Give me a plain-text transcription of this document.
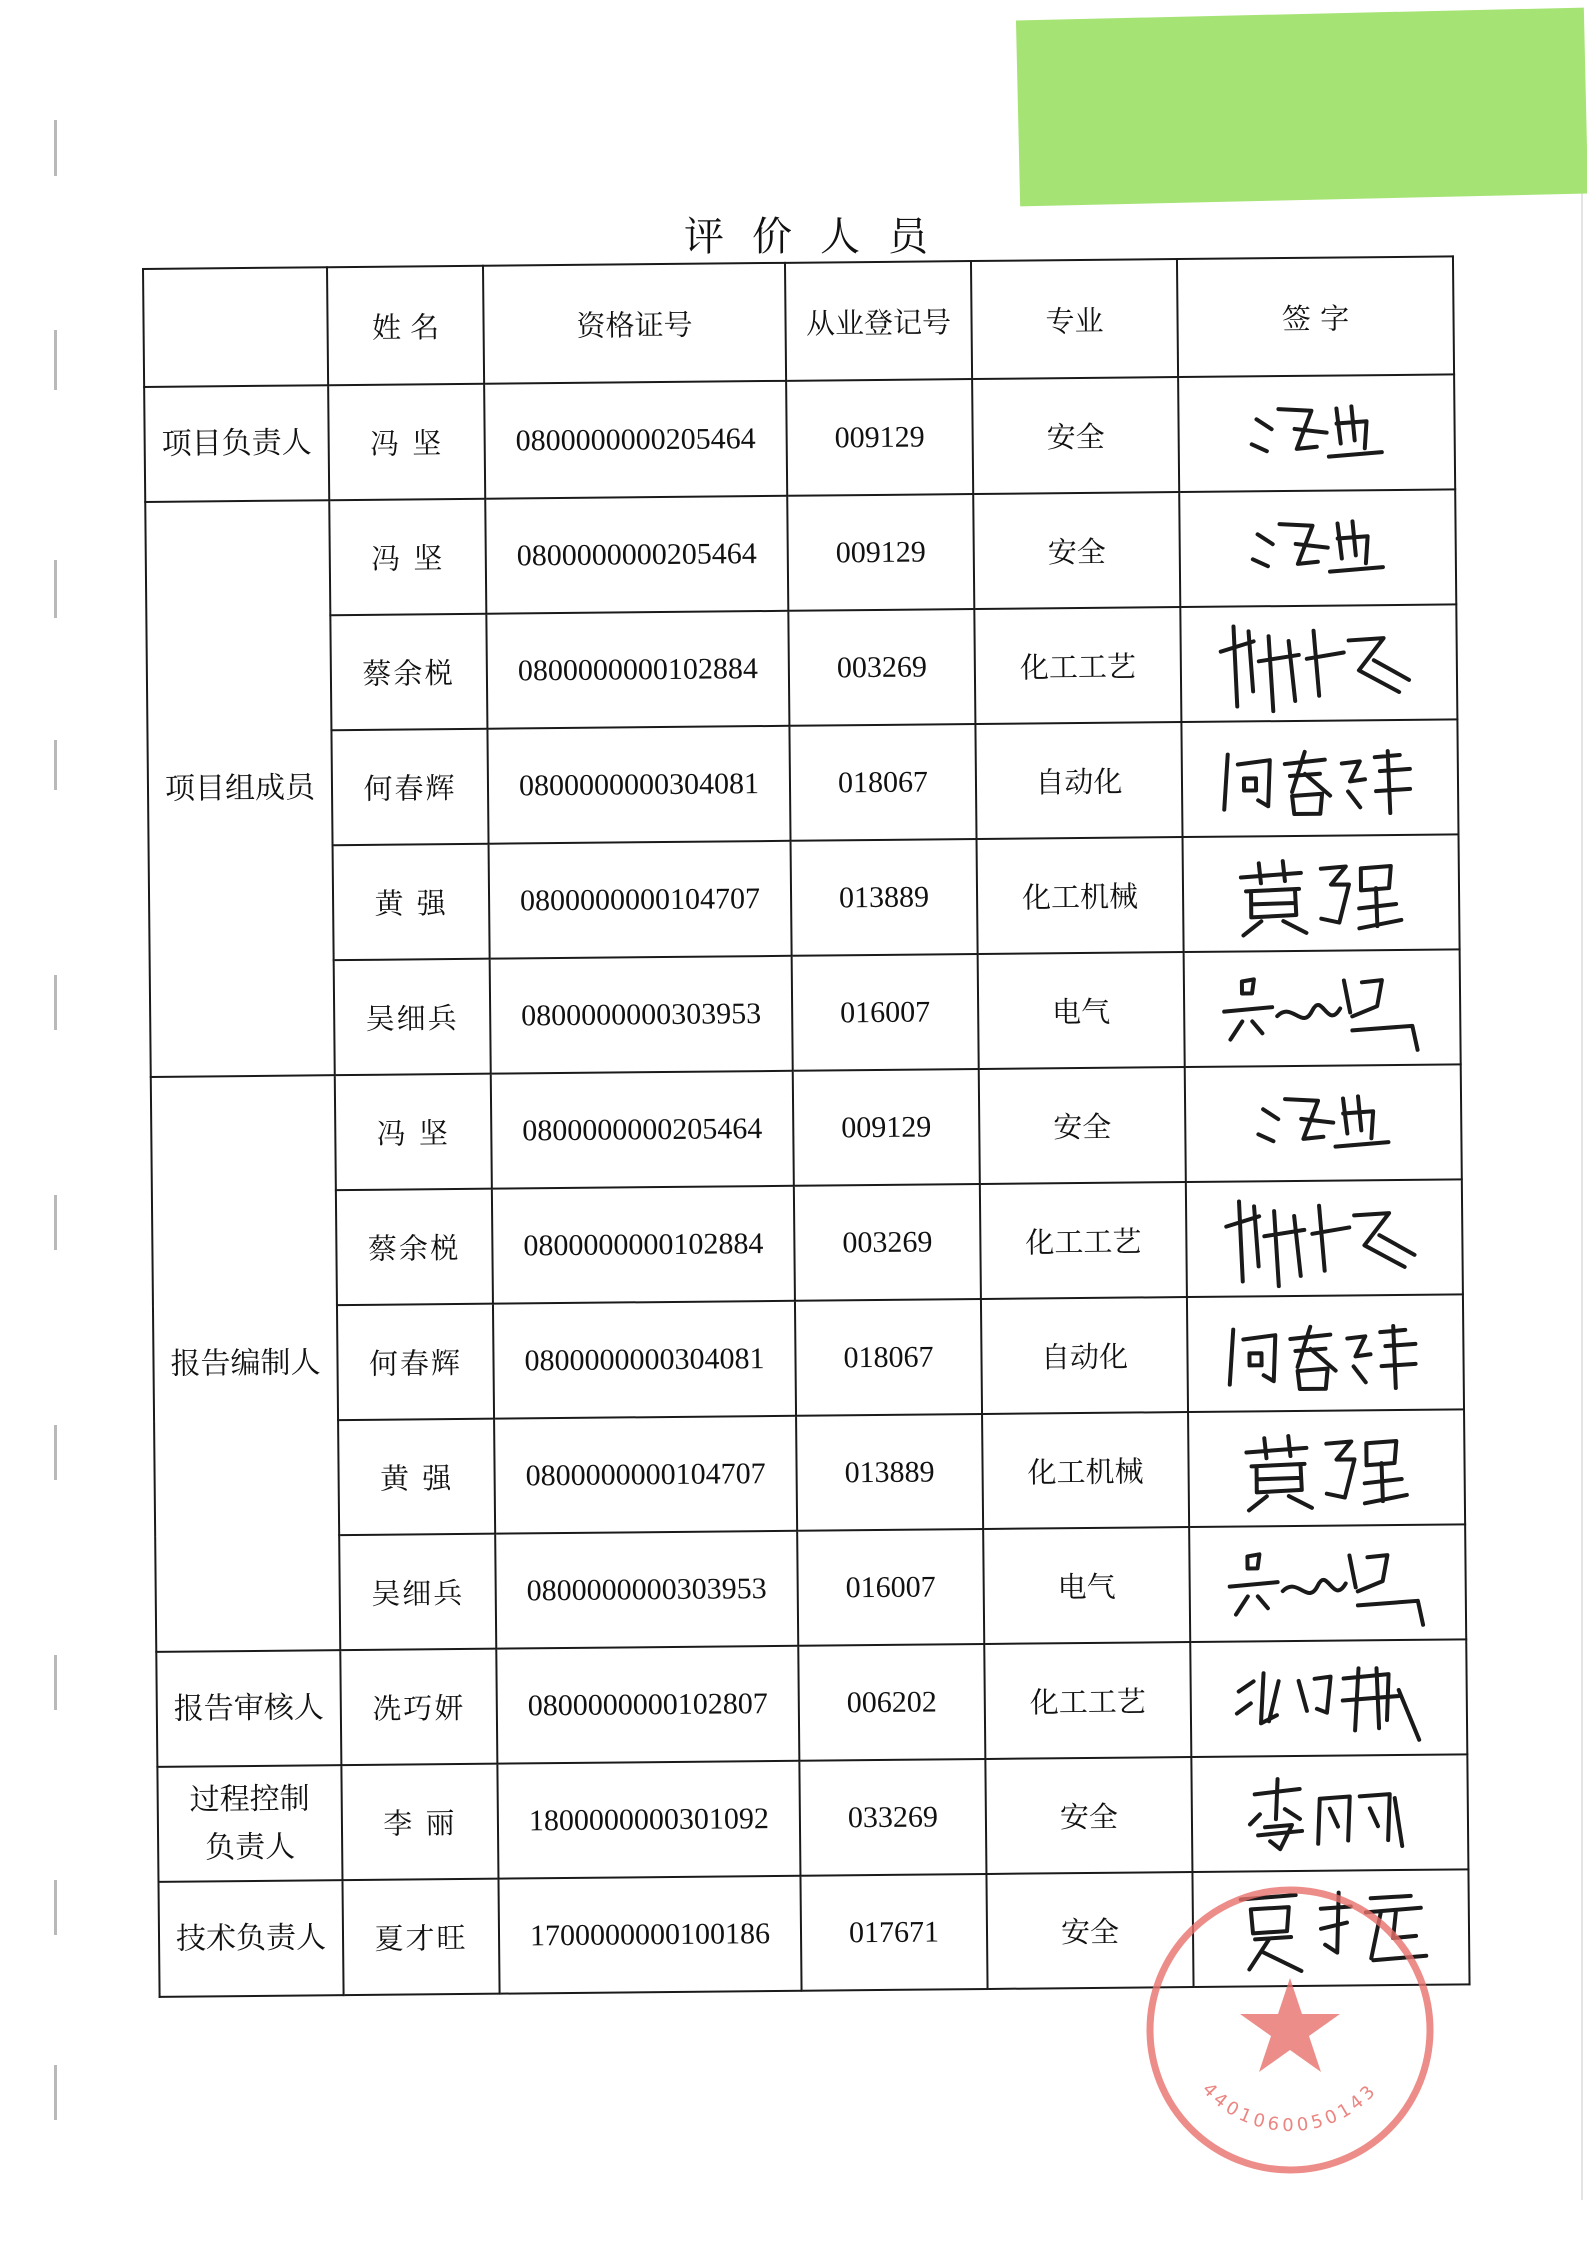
评价人员
	姓 名	资格证号	从业登记号	专业	签 字
项目负责人	冯 坚	0800000000205464	009129	安全	

项目组成员	冯 坚	0800000000205464	009129	安全	

	蔡余棁	0800000000102884	003269	化工工艺	

	何春辉	0800000000304081	018067	自动化	

	黄 强	0800000000104707	013889	化工机械	

	吴细兵	0800000000303953	016007	电气	

报告编制人	冯 坚	0800000000205464	009129	安全	

	蔡余棁	0800000000102884	003269	化工工艺	

	何春辉	0800000000304081	018067	自动化	

	黄 强	0800000000104707	013889	化工机械	

	吴细兵	0800000000303953	016007	电气	

报告审核人	冼巧妍	0800000000102807	006202	化工工艺	

过程控制
负责人	李 丽	1800000000301092	033269	安全	

技术负责人	夏才旺	1700000000100186	017671	安全	
4401060050143
